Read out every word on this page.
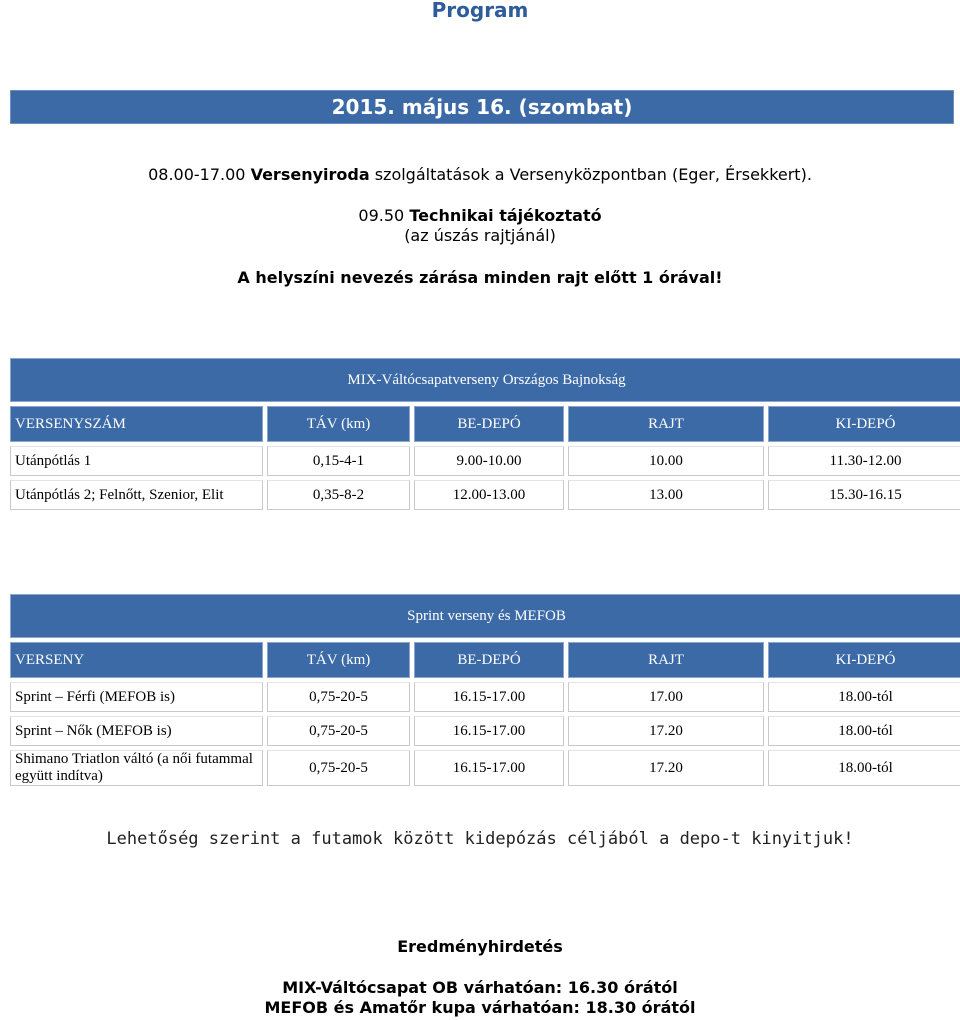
Program
2015. május 16. (szombat)
08.00-17.00 Versenyiroda szolgáltatások a Versenyközpontban (Eger, Érsekkert).
09.50 Technikai tájékoztató
(az úszás rajtjánál)
A helyszíni nevezés zárása minden rajt előtt 1 órával!
MIX-Váltócsapatverseny Országos Bajnokság				
VERSENYSZÁM	TÁV (km)	BE-DEPÓ	RAJT	KI-DEPÓ
Utánpótlás 1	0,15-4-1	9.00-10.00	10.00	11.30-12.00
Utánpótlás 2; Felnőtt, Szenior, Elit	0,35-8-2	12.00-13.00	13.00	15.30-16.15
Sprint verseny és MEFOB				
VERSENY	TÁV (km)	BE-DEPÓ	RAJT	KI-DEPÓ
Sprint – Férfi (MEFOB is)	0,75-20-5	16.15-17.00	17.00	18.00-tól
Sprint – Nők (MEFOB is)	0,75-20-5	16.15-17.00	17.20	18.00-tól
Shimano Triatlon váltó (a női futammal együtt indítva)	0,75-20-5	16.15-17.00	17.20	18.00-tól
Lehetőség szerint a futamok között kidepózás céljából a depo-t kinyitjuk!
Eredményhirdetés
MIX-Váltócsapat OB várhatóan: 16.30 órától
MEFOB és Amatőr kupa várhatóan: 18.30 órától
